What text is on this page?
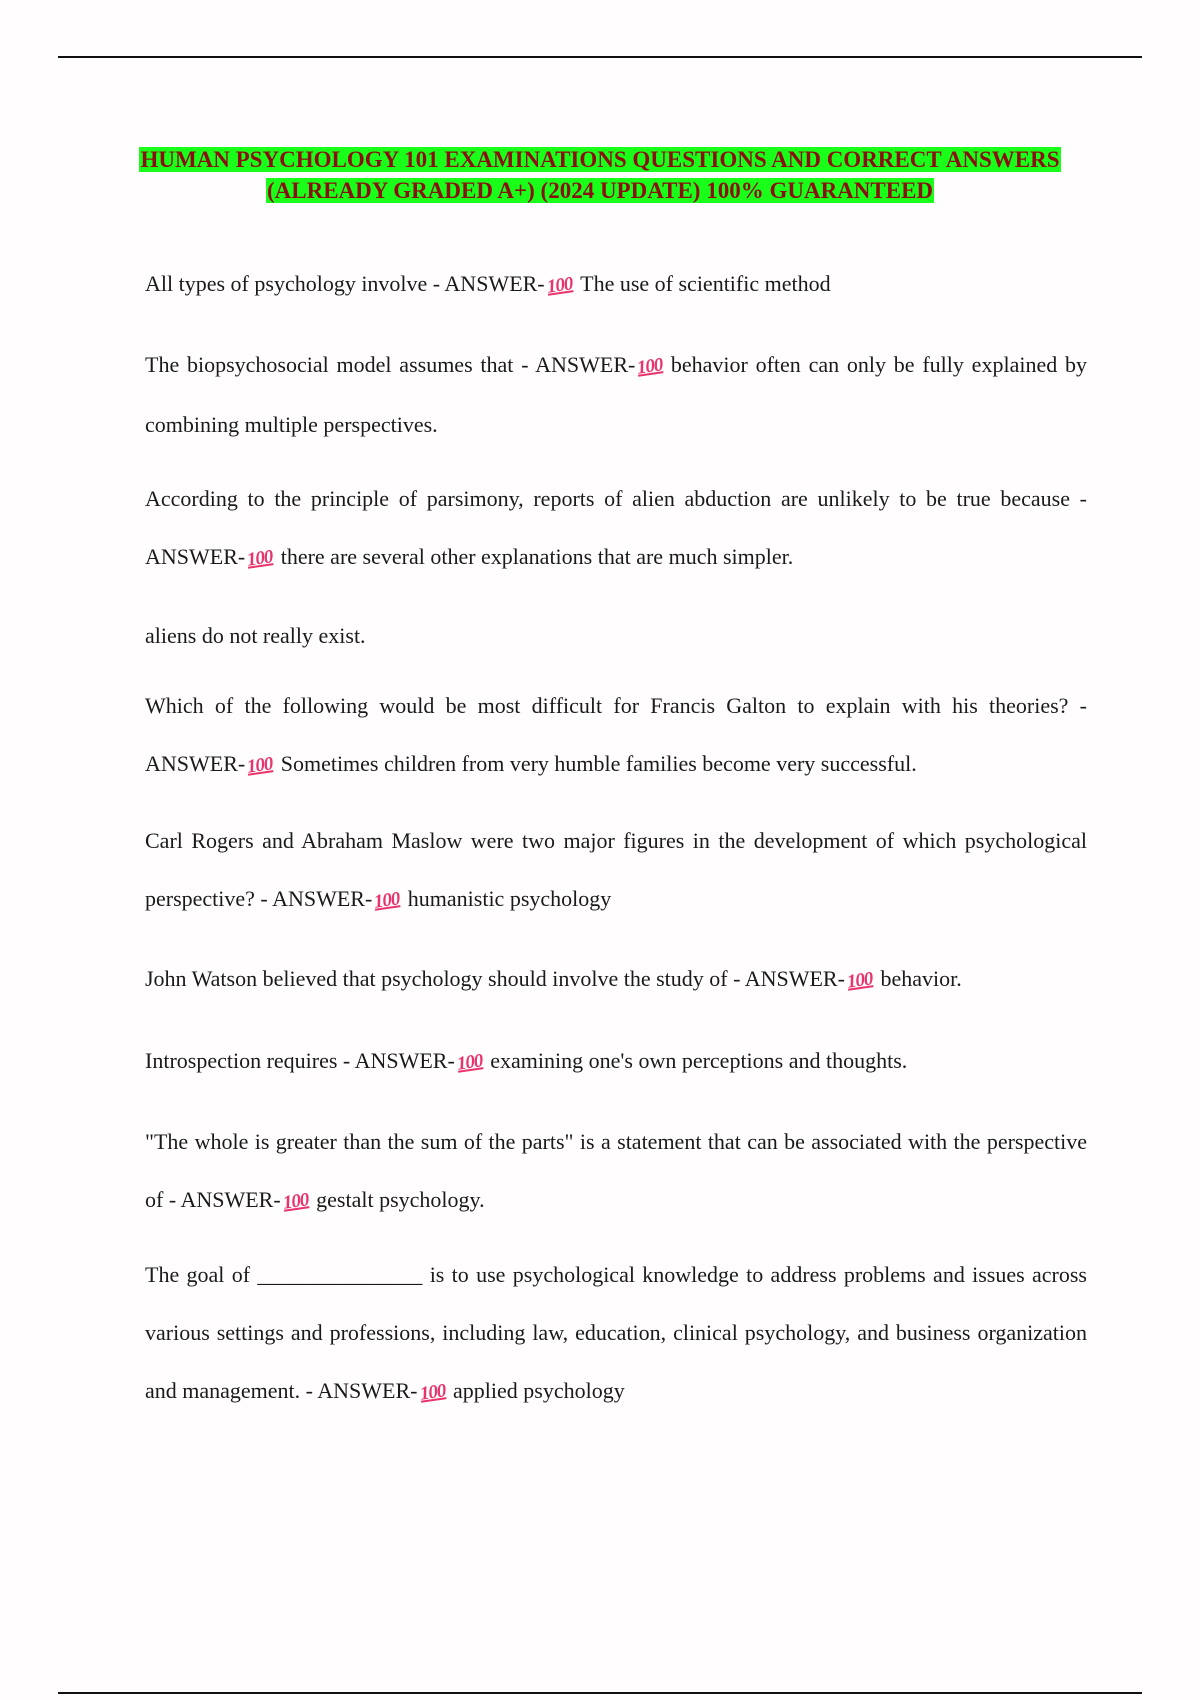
HUMAN PSYCHOLOGY 101 EXAMINATIONS QUESTIONS AND CORRECT ANSWERS (ALREADY GRADED A+) (2024 UPDATE) 100% GUARANTEED
All types of psychology involve - ANSWER-100 The use of scientific method
The biopsychosocial model assumes that - ANSWER-100 behavior often can only be fully explained by combining multiple perspectives.
According to the principle of parsimony, reports of alien abduction are unlikely to be true because - ANSWER-100 there are several other explanations that are much simpler.
aliens do not really exist.
Which of the following would be most difficult for Francis Galton to explain with his theories? - ANSWER-100 Sometimes children from very humble families become very successful.
Carl Rogers and Abraham Maslow were two major figures in the development of which psychological perspective? - ANSWER-100 humanistic psychology
John Watson believed that psychology should involve the study of - ANSWER-100 behavior.
Introspection requires - ANSWER-100 examining one's own perceptions and thoughts.
"The whole is greater than the sum of the parts" is a statement that can be associated with the perspective of - ANSWER-100 gestalt psychology.
The goal of _______________ is to use psychological knowledge to address problems and issues across various settings and professions, including law, education, clinical psychology, and business organization and management. - ANSWER-100 applied psychology
